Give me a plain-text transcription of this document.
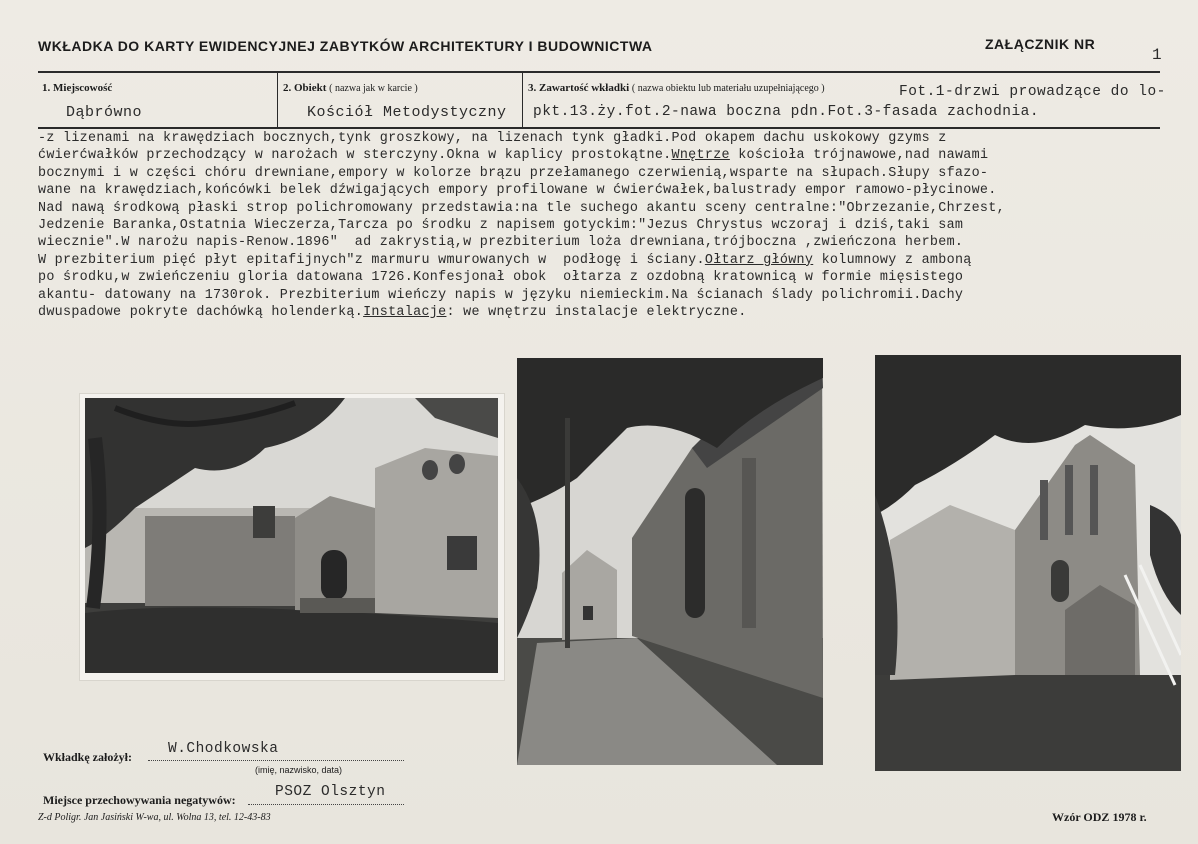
WKŁADKA DO KARTY EWIDENCYJNEJ ZABYTKÓW ARCHITEKTURY I BUDOWNICTWA	ZAŁĄCZNIK NR
1
1. Miejscowość
Dąbrówno
2. Obiekt ( nazwa jak w karcie )
Kościół Metodystyczny
3. Zawartość wkładki ( nazwa obiektu lub materiału uzupełniającego )	Fot.1-drzwi prowadzące do lo-
pkt.13.ży.fot.2-nawa boczna pdn.Fot.3-fasada zachodnia.
-z lizenami na krawędziach bocznych,tynk groszkowy, na lizenach tynk gładki.Pod okapem dachu uskokowy gzyms z
ćwierćwałków przechodzący w narożach w sterczyny.Okna w kaplicy prostokątne.Wnętrze kościoła trójnawowe,nad nawami
bocznymi i w części chóru drewniane,empory w kolorze brązu przełamanego czerwienią,wsparte na słupach.Słupy sfazo-
wane na krawędziach,końcówki belek dźwigających empory profilowane w ćwierćwałek,balustrady empor ramowo-płycinowe.
Nad nawą środkową płaski strop polichromowany przedstawia:na tle suchego akantu sceny centralne:"Obrzezanie,Chrzest,
Jedzenie Baranka,Ostatnia Wieczerza,Tarcza po środku z napisem gotyckim:"Jezus Chrystus wczoraj i dziś,taki sam
wiecznie".W narożu napis-Renow.1896"  ad zakrystią,w prezbiterium loża drewniana,trójboczna ,zwieńczona herbem.
W prezbiterium pięć płyt epitafijnych"z marmuru wmurowanych w  podłogę i ściany.Ołtarz główny kolumnowy z amboną
po środku,w zwieńczeniu gloria datowana 1726.Konfesjonał obok  ołtarza z ozdobną kratownicą w formie mięsistego
akantu- datowany na 1730rok. Prezbiterium wieńczy napis w języku niemieckim.Na ścianach ślady polichromii.Dachy
dwuspadowe pokryte dachówką holenderką.Instalacje: we wnętrzu instalacje elektryczne.
Wkładkę założył: W.Chodkowska
(imię, nazwisko, data)
Miejsce przechowywania negatywów:	PSOZ Olsztyn
Z-d Poligr. Jan Jasiński W-wa, ul. Wolna 13, tel. 12-43-83	Wzór ODZ 1978 r.
